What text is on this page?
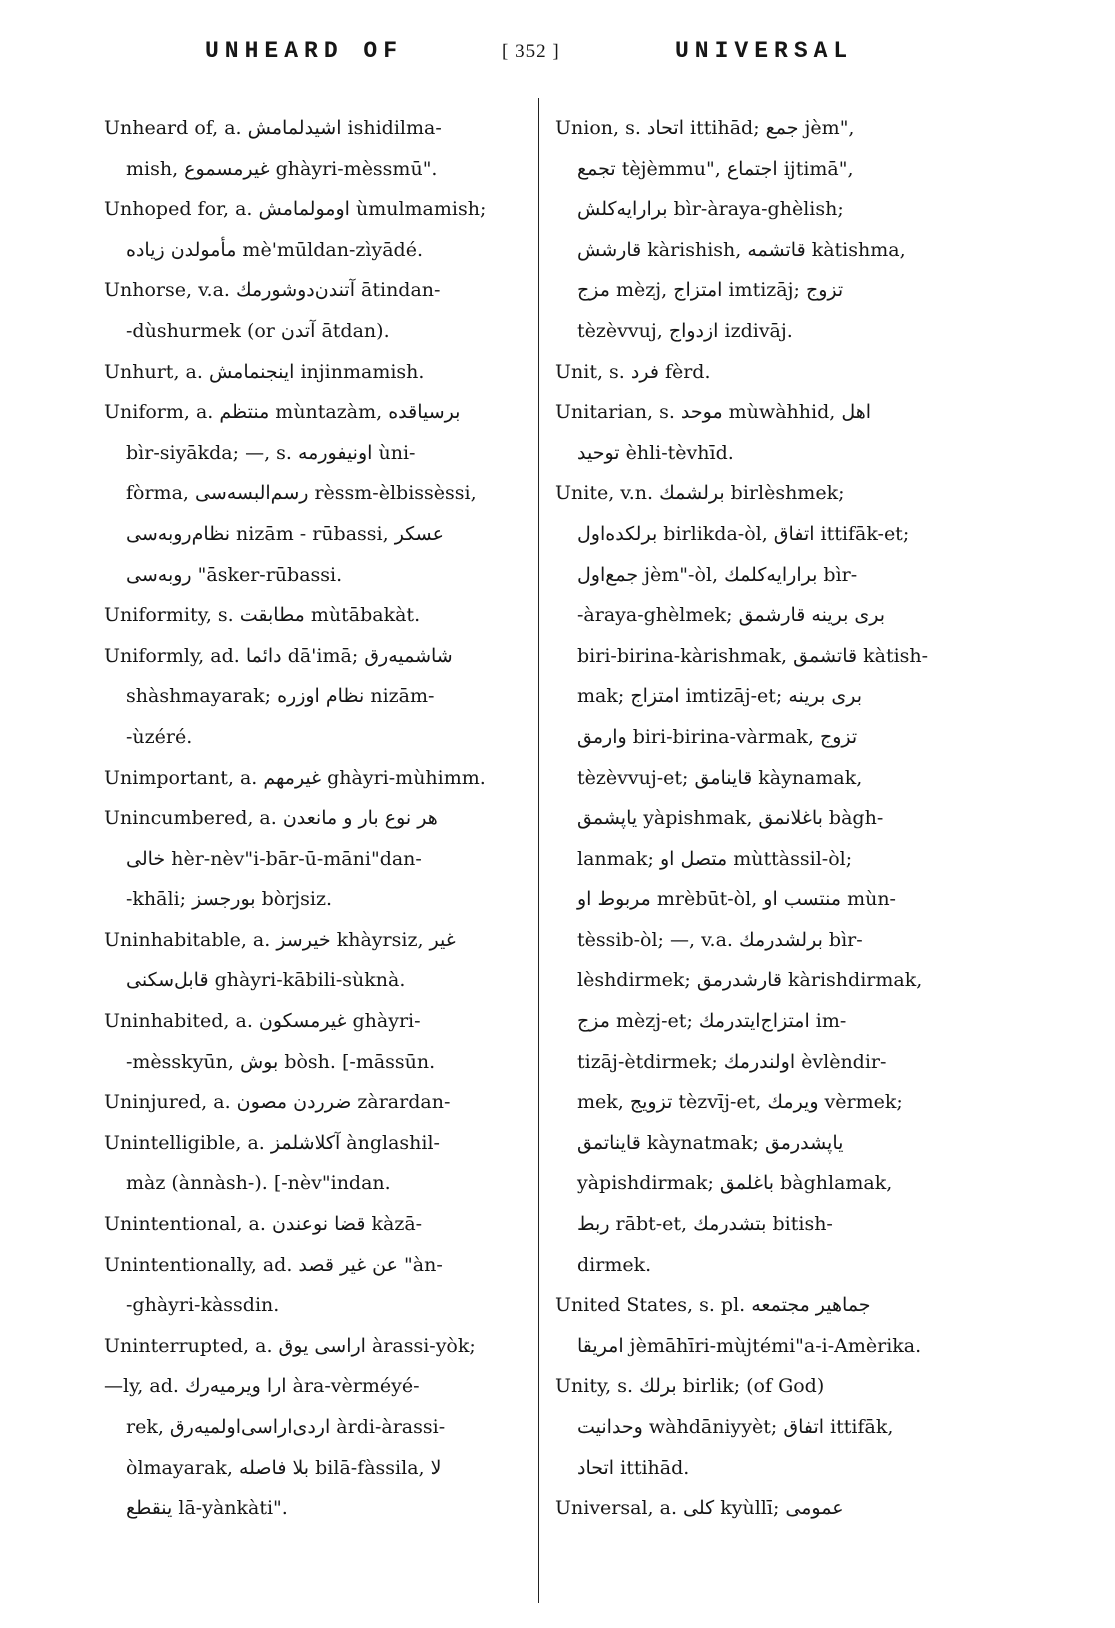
UNHEARD OF	[ 352 ]	UNIVERSAL
Unheard of, a. اشیدلمامش ishidilma-
mish, غیرمسموع ghàyri-mèssmū".
Unhoped for, a. اومولمامش ùmulmamish;
مأمولدن زیاده mè'mūldan-zìyādé.
Unhorse, v.a. آتندن‌دوشورمك ātindan-
-dùshurmek (or آتدن ātdan).
Unhurt, a. اینجنمامش injinmamish.
Uniform, a. منتظم mùntazàm, برسیاقده
bìr-siyākda; —, s. اونیفورمه ùni-
fòrma, رسم‌البسه‌سی rèssm-èlbissèssi,
نظام‌روبه‌سی nizām - rūbassi, عسکر
روبه‌سی "āsker-rūbassi.
Uniformity, s. مطابقت mùtābakàt.
Uniformly, ad. دائما dā'imā; شاشمیه‌رق
shàshmayarak; نظام اوزره nizām-
-ùzéré.
Unimportant, a. غیرمهم ghàyri-mùhimm.
Unincumbered, a. هر نوع بار و مانعدن
خالی hèr-nèv"i-bār-ū-māni"dan-
-khāli; بورجسز bòrjsiz.
Uninhabitable, a. خیرسز khàyrsiz, غیر
قابل‌سکنی ghàyri-kābili-sùknà.
Uninhabited, a. غیرمسکون ghàyri-
-mèsskyūn, بوش bòsh. [-māssūn.
Uninjured, a. ضرردن مصون zàrardan-
Unintelligible, a. آکلاشلمز ànglashil-
màz (ànnàsh-). [-nèv"indan.
Unintentional, a. قضا نوعندن kàzā-
Unintentionally, ad. عن غیر قصد "àn-
-ghàyri-kàssdin.
Uninterrupted, a. اراسی یوق àrassi-yòk;
—ly, ad. ارا ویرمیه‌رك àra-vèrméyé-
rek, اردی‌اراسی‌اولمیه‌رق àrdi-àrassi-
òlmayarak, بلا فاصله bilā-fàssila, لا
ینقطع lā-yànkàti".
Union, s. اتحاد ittihād; جمع jèm",
تجمع tèjèmmu", اجتماع ijtimā",
برارایه‌کلش bìr-àraya-ghèlish;
قارشش kàrishish, قاتشمه kàtishma,
مزج mèzj, امتزاج imtizāj; تزوج
tèzèvvuj, ازدواج izdivāj.
Unit, s. فرد fèrd.
Unitarian, s. موحد mùwàhhid, اهل
توحید èhli-tèvhīd.
Unite, v.n. برلشمك birlèshmek;
برلکده‌اول birlikda-òl, اتفاق ittifāk-et;
جمع‌اول jèm"-òl, برارایه‌کلمك bìr-
-àraya-ghèlmek; بری برینه قارشمق
biri-birina-kàrishmak, قاتشمق kàtish-
mak; امتزاج imtizāj-et; بری برینه
وارمق biri-birina-vàrmak, تزوج
tèzèvvuj-et; قاینامق kàynamak,
یاپشمق yàpishmak, باغلانمق bàgh-
lanmak; متصل او mùttàssil-òl;
مربوط او mrèbūt-òl, منتسب او mùn-
tèssib-òl; —, v.a. برلشدرمك bìr-
lèshdirmek; قارشدرمق kàrishdirmak,
مزج mèzj-et; امتزاج‌ایتدرمك im-
tizāj-ètdirmek; اولندرمك èvlèndir-
mek, تزویج tèzvīj-et, ویرمك vèrmek;
قایناتمق kàynatmak; یاپشدرمق
yàpishdirmak; باغلمق bàghlamak,
ربط rābt-et, بتشدرمك bitish-
dirmek.
United States, s. pl. جماهیر مجتمعه
امریقا jèmāhīri-mùjtémi"a-i-Amèrika.
Unity, s. برلك birlik; (of God)
وحدانیت wàhdāniyyèt; اتفاق ittifāk,
اتحاد ittihād.
Universal, a. کلی kyùllī; عمومی
